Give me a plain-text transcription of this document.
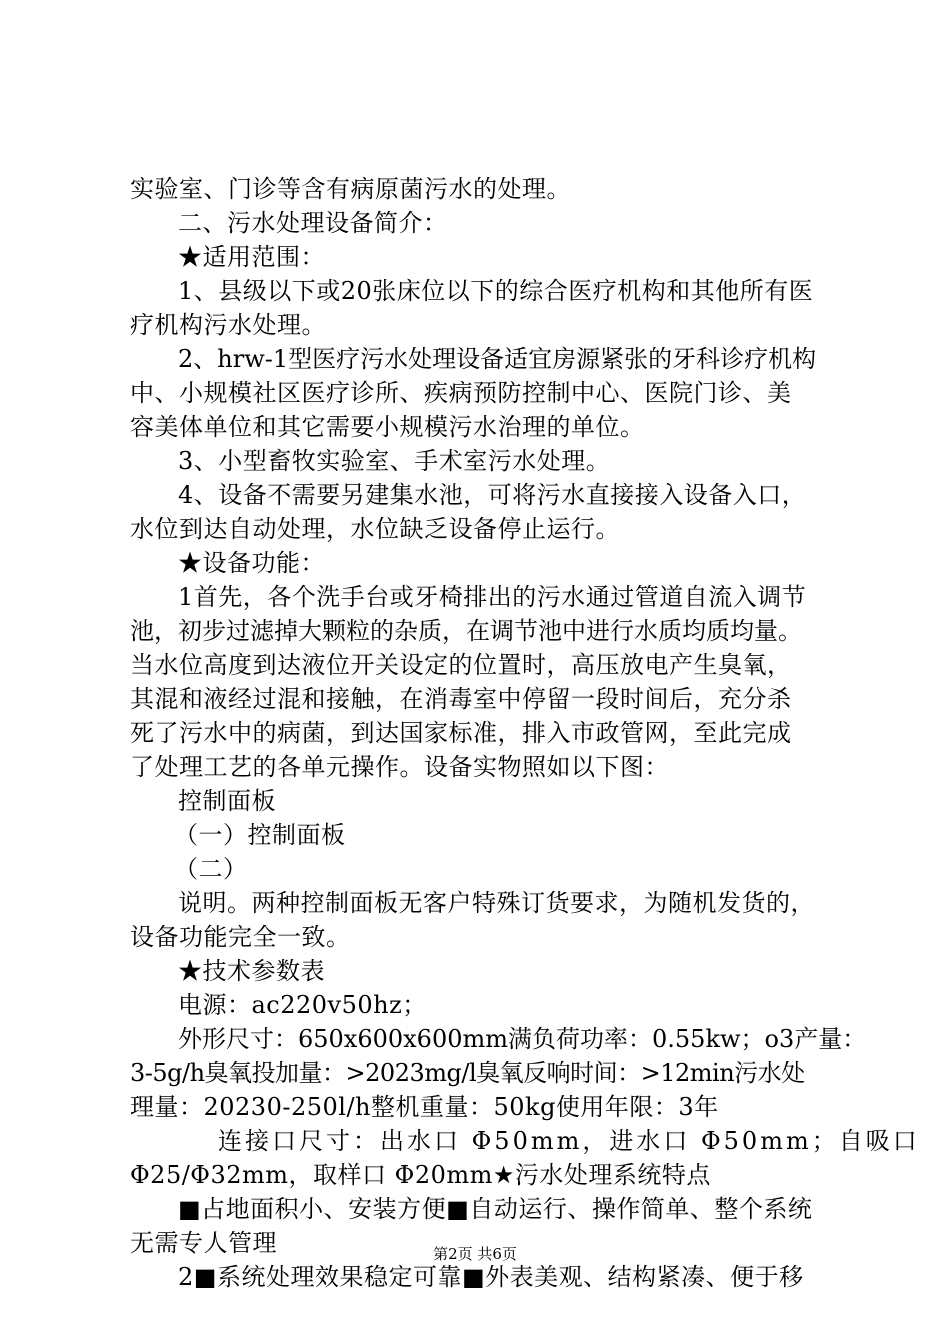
实验室、门诊等含有病原菌污水的处理。
二、污水处理设备简介：
★适用范围：
1、县级以下或20张床位以下的综合医疗机构和其他所有医
疗机构污水处理。
2、hrw-1型医疗污水处理设备适宜房源紧张的牙科诊疗机构
中、小规模社区医疗诊所、疾病预防控制中心、医院门诊、美
容美体单位和其它需要小规模污水治理的单位。
3、小型畜牧实验室、手术室污水处理。
4、设备不需要另建集水池，可将污水直接接入设备入口，
水位到达自动处理，水位缺乏设备停止运行。
★设备功能：
1首先，各个洗手台或牙椅排出的污水通过管道自流入调节
池，初步过滤掉大颗粒的杂质，在调节池中进行水质均质均量。
当水位高度到达液位开关设定的位置时，高压放电产生臭氧，
其混和液经过混和接触，在消毒室中停留一段时间后，充分杀
死了污水中的病菌，到达国家标准，排入市政管网，至此完成
了处理工艺的各单元操作。设备实物照如以下图：
控制面板
（一）控制面板
（二）
说明。两种控制面板无客户特殊订货要求，为随机发货的，
设备功能完全一致。
★技术参数表
电源：ac220v50hz；
外形尺寸：650x600x600mm满负荷功率：0.55kw；o3产量：
3-5g/h臭氧投加量：>2023mg/l臭氧反响时间：>12min污水处
理量：20230-250l/h整机重量：50kg使用年限：3年
连接口尺寸：出水口 Φ50mm，进水口 Φ50mm；自吸口
Φ25/Φ32mm，取样口 Φ20mm★污水处理系统特点
■占地面积小、安装方便■自动运行、操作简单、整个系统
无需专人管理
2■系统处理效果稳定可靠■外表美观、结构紧凑、便于移
第2页 共6页
